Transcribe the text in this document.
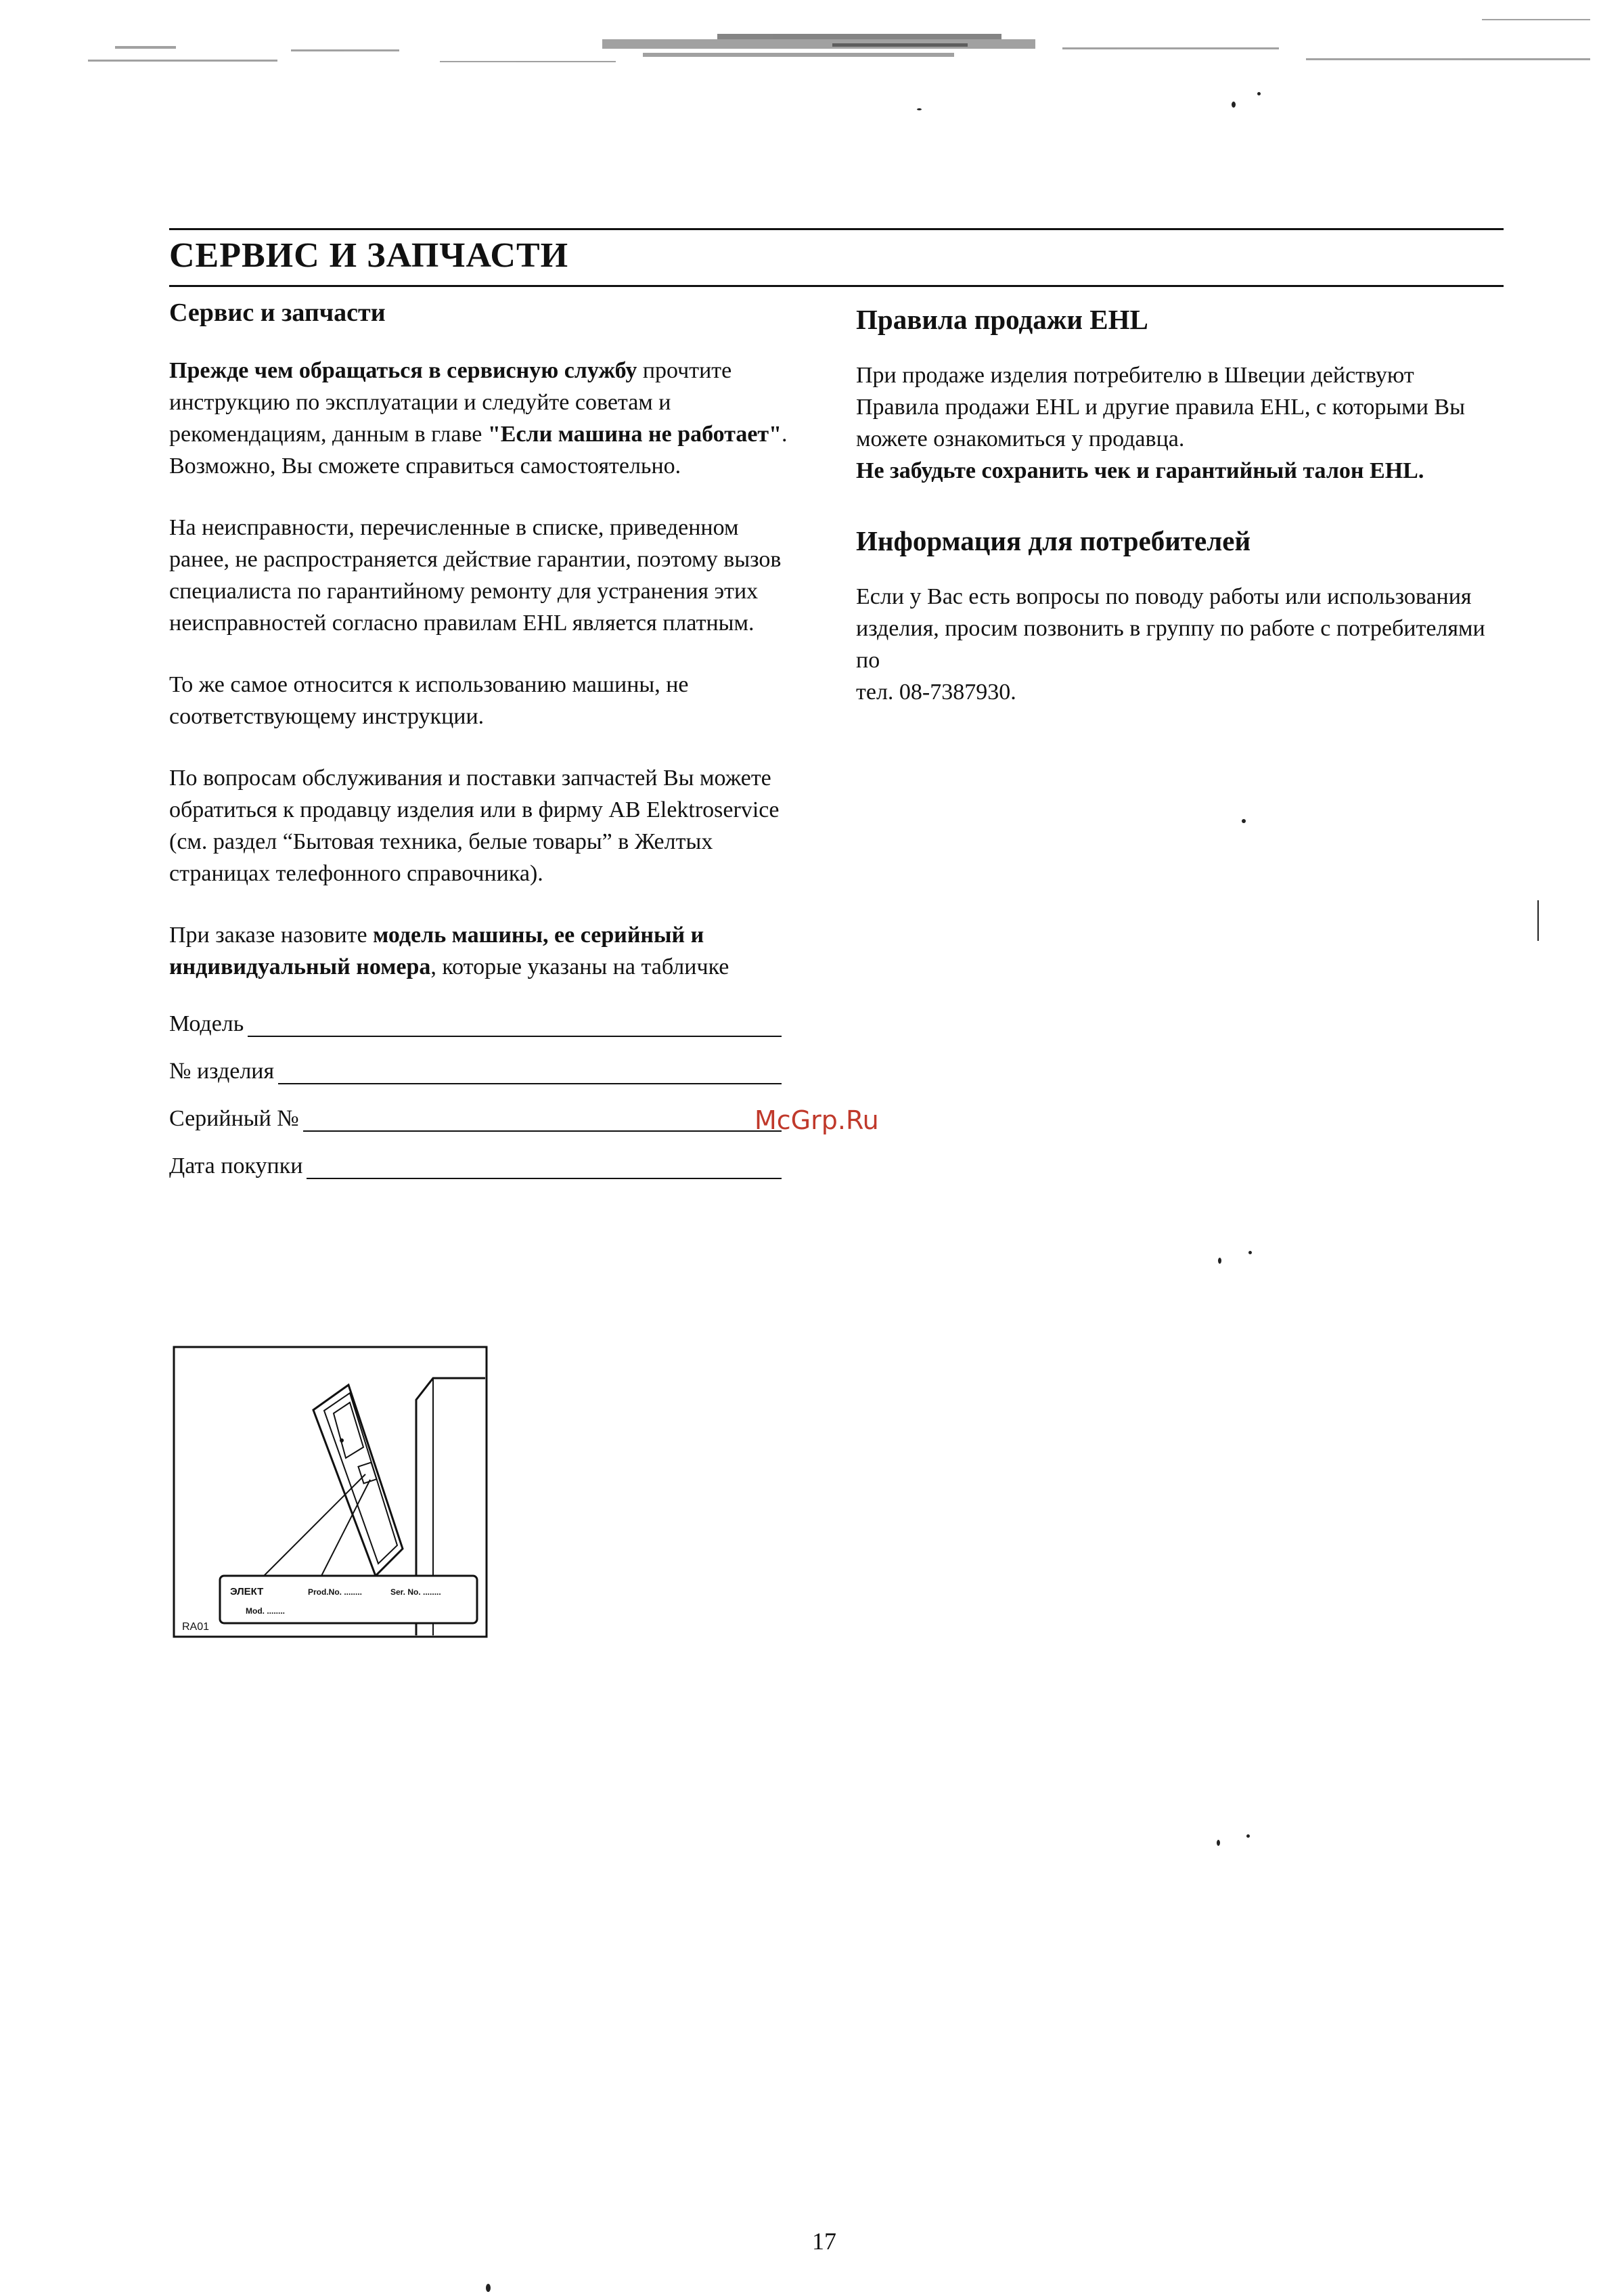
СЕРВИС И ЗАПЧАСТИ
Сервис и запчасти

Прежде чем обращаться в сервисную службу прочтите инструкцию по эксплуатации и следуйте советам и рекомендациям, данным в главе "Если машина не работает". Возможно, Вы сможете справиться самостоятельно.

На неисправности, перечисленные в списке, приведенном ранее, не распространяется действие гарантии, поэтому вызов специалиста по гарантийному ремонту для устранения этих неисправностей согласно правилам EHL является платным.

То же самое относится к использованию машины, не соответствующему инструкции.

По вопросам обслуживания и поставки запчастей Вы можете обратиться к продавцу изделия или в фирму AB Elektroservice (см. раздел “Бытовая техника, белые товары” в Желтых страницах телефонного справочника).

При заказе назовите модель машины, ее серийный и индивидуальный номера, которые указаны на табличке

Модель
№ изделия
Серийный №
Дата покупки
ЭЛЕКТ	Prod.No. ........	Ser. No. ........
Mod. ........
RA01
Правила продажи EHL

При продаже изделия потребителю в Швеции действуют Правила продажи EHL и другие правила EHL, с которыми Вы можете ознакомиться у продавца.

Не забудьте сохранить чек и гарантийный талон EHL.

Информация для потребителей

Если у Вас есть вопросы по поводу работы или использования изделия, просим позвонить в группу по работе с потребителями по

тел. 08-7387930.

McGrp.Ru

17
